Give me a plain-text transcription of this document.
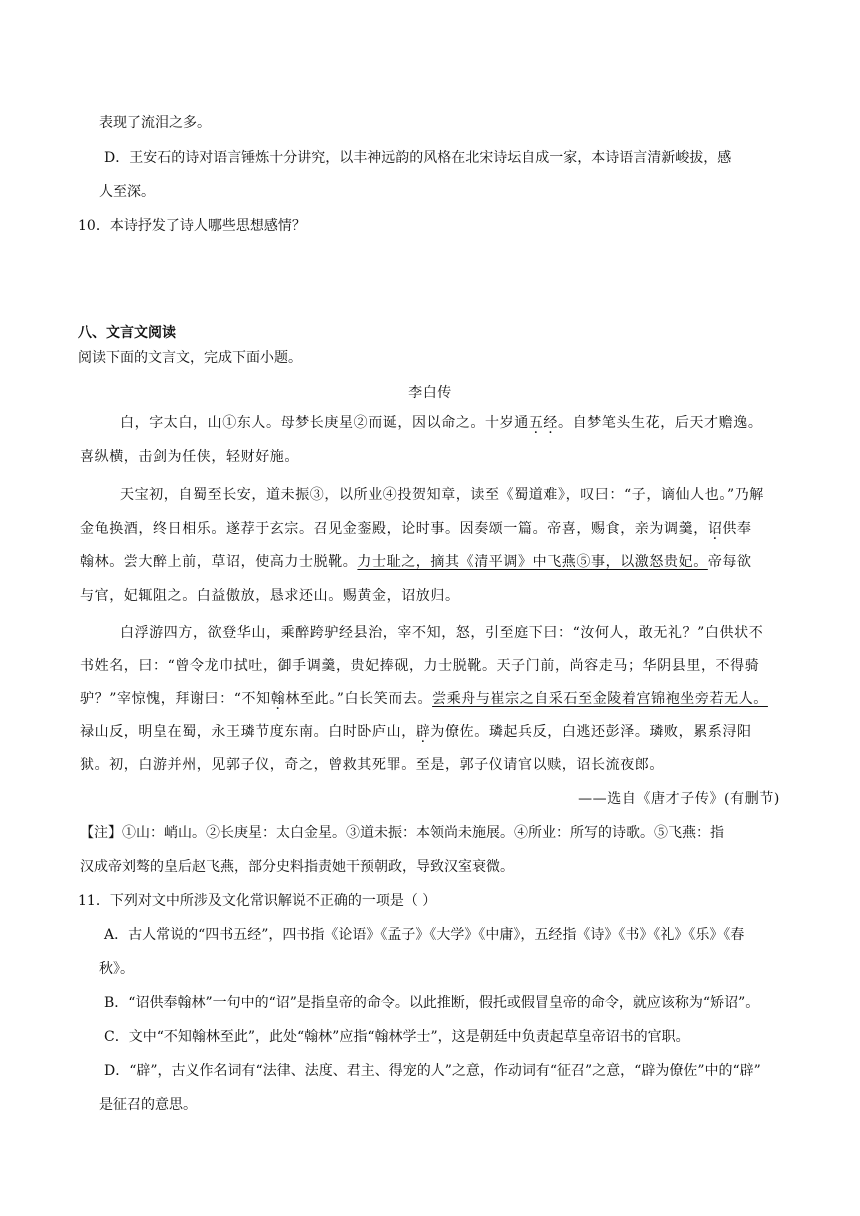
表现了流泪之多。
D．王安石的诗对语言锤炼十分讲究，以丰神远韵的风格在北宋诗坛自成一家，本诗语言清新峻拔，感
人至深。
10．本诗抒发了诗人哪些思想感情？
八、文言文阅读
阅读下面的文言文，完成下面小题。
李白传
白，字太白，山①东人。母梦长庚星②而诞，因以命之。十岁通五经。自梦笔头生花，后天才赡逸。
喜纵横，击剑为任侠，轻财好施。
天宝初，自蜀至长安，道未振③，以所业④投贺知章，读至《蜀道难》，叹曰：“子，谪仙人也。”乃解
金龟换酒，终日相乐。遂荐于玄宗。召见金銮殿，论时事。因奏颂一篇。帝喜，赐食，亲为调羹，诏供奉
翰林。尝大醉上前，草诏，使高力士脱靴。力士耻之，摘其《清平调》中飞燕⑤事，以激怒贵妃。帝每欲
与官，妃辄阻之。白益傲放，恳求还山。赐黄金，诏放归。
白浮游四方，欲登华山，乘醉跨驴经县治，宰不知，怒，引至庭下曰：“汝何人，敢无礼？”白供状不
书姓名，曰：“曾令龙巾拭吐，御手调羹，贵妃捧砚，力士脱靴。天子门前，尚容走马；华阴县里，不得骑
驴？”宰惊愧，拜谢曰：“不知翰林至此。”白长笑而去。尝乘舟与崔宗之自采石至金陵着宫锦袍坐旁若无人。
禄山反，明皇在蜀，永王璘节度东南。白时卧庐山，辟为僚佐。璘起兵反，白逃还彭泽。璘败，累系浔阳
狱。初，白游并州，见郭子仪，奇之，曾救其死罪。至是，郭子仪请官以赎，诏长流夜郎。
——选自《唐才子传》(有删节)
【注】①山：峭山。②长庚星：太白金星。③道未振：本领尚未施展。④所业：所写的诗歌。⑤飞燕：指
汉成帝刘骜的皇后赵飞燕，部分史料指责她干预朝政，导致汉室衰微。
11．下列对文中所涉及文化常识解说不正确的一项是（ ）
A．古人常说的“四书五经”，四书指《论语》《孟子》《大学》《中庸》，五经指《诗》《书》《礼》《乐》《春
秋》。
B．“诏供奉翰林”一句中的“诏”是指皇帝的命令。以此推断，假托或假冒皇帝的命令，就应该称为“矫诏”。
C．文中“不知翰林至此”，此处“翰林”应指“翰林学士”，这是朝廷中负责起草皇帝诏书的官职。
D．“辟”，古义作名词有“法律、法度、君主、得宠的人”之意，作动词有“征召”之意，“辟为僚佐”中的“辟”
是征召的意思。
